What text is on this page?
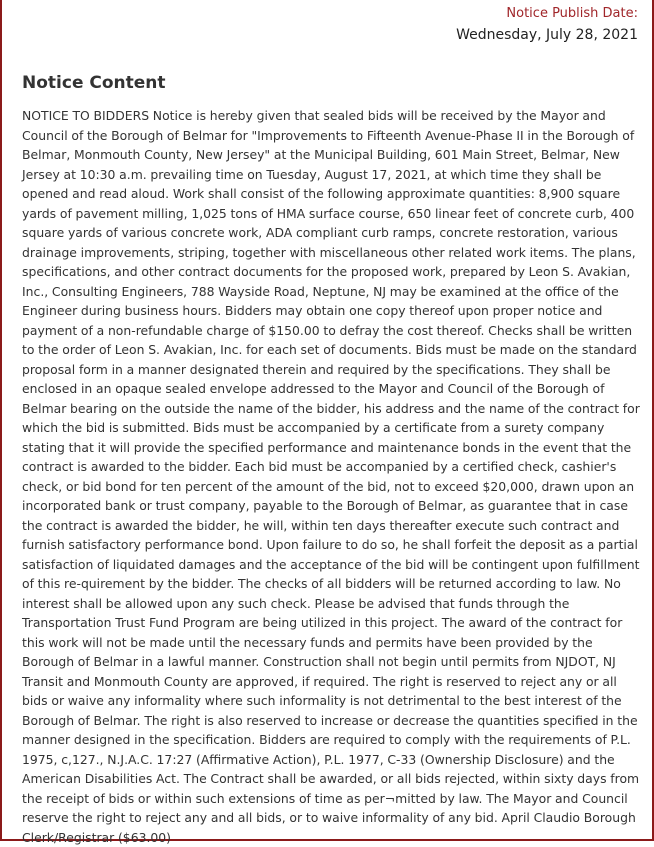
Notice Publish Date:
Wednesday, July 28, 2021
Notice Content

NOTICE TO BIDDERS Notice is hereby given that sealed bids will be received by the Mayor and Council of the Borough of Belmar for "Improvements to Fifteenth Avenue-Phase II in the Borough of Belmar, Monmouth County, New Jersey" at the Municipal Building, 601 Main Street, Belmar, New Jersey at 10:30 a.m. prevailing time on Tuesday, August 17, 2021, at which time they shall be opened and read aloud. Work shall consist of the following approximate quantities: 8,900 square yards of pavement milling, 1,025 tons of HMA surface course, 650 linear feet of concrete curb, 400 square yards of various concrete work, ADA compliant curb ramps, concrete restoration, various drainage improvements, striping, together with miscellaneous other related work items. The plans, specifications, and other contract documents for the proposed work, prepared by Leon S. Avakian, Inc., Consulting Engineers, 788 Wayside Road, Neptune, NJ may be examined at the office of the Engineer during business hours. Bidders may obtain one copy thereof upon proper notice and payment of a non-refundable charge of $150.00 to defray the cost thereof. Checks shall be written to the order of Leon S. Avakian, Inc. for each set of documents. Bids must be made on the standard proposal form in a manner designated therein and required by the specifications. They shall be enclosed in an opaque sealed envelope addressed to the Mayor and Council of the Borough of Belmar bearing on the outside the name of the bidder, his address and the name of the contract for which the bid is submitted. Bids must be accompanied by a certificate from a surety company stating that it will provide the specified performance and maintenance bonds in the event that the contract is awarded to the bidder. Each bid must be accompanied by a certified check, cashier's check, or bid bond for ten percent of the amount of the bid, not to exceed $20,000, drawn upon an incorporated bank or trust company, payable to the Borough of Belmar, as guarantee that in case the contract is awarded the bidder, he will, within ten days thereafter execute such contract and furnish satisfactory performance bond. Upon failure to do so, he shall forfeit the deposit as a partial satisfaction of liquidated damages and the acceptance of the bid will be contingent upon fulfillment of this re-quirement by the bidder. The checks of all bidders will be returned according to law. No interest shall be allowed upon any such check. Please be advised that funds through the Transportation Trust Fund Program are being utilized in this project. The award of the contract for this work will not be made until the necessary funds and permits have been provided by the Borough of Belmar in a lawful manner. Construction shall not begin until permits from NJDOT, NJ Transit and Monmouth County are approved, if required. The right is reserved to reject any or all bids or waive any informality where such informality is not detrimental to the best interest of the Borough of Belmar. The right is also reserved to increase or decrease the quantities specified in the manner designed in the specification. Bidders are required to comply with the requirements of P.L. 1975, c,127., N.J.A.C. 17:27 (Affirmative Action), P.L. 1977, C-33 (Ownership Disclosure) and the American Disabilities Act. The Contract shall be awarded, or all bids rejected, within sixty days from the receipt of bids or within such extensions of time as per¬mitted by law. The Mayor and Council reserve the right to reject any and all bids, or to waive informality of any bid. April Claudio Borough Clerk/Registrar ($63.00)
